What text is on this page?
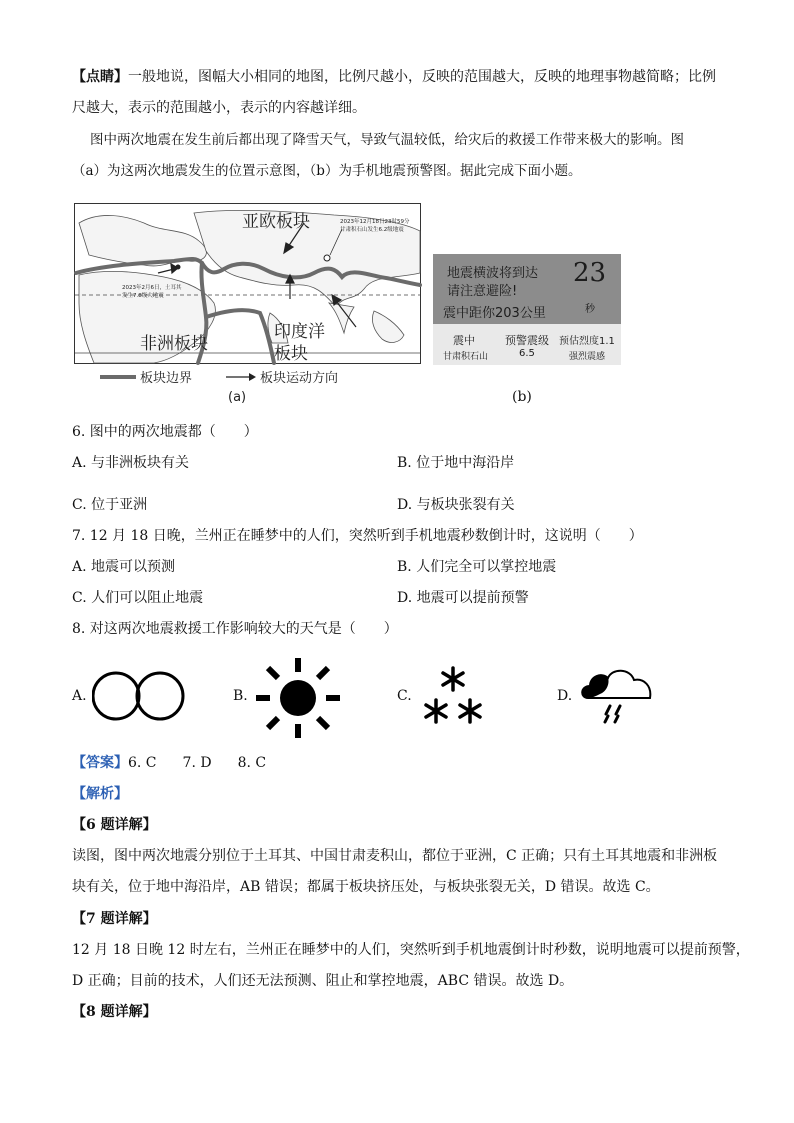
【点睛】一般地说，图幅大小相同的地图，比例尺越小，反映的范围越大，反映的地理事物越简略；比例
尺越大，表示的范围越小，表示的内容越详细。
图中两次地震在发生前后都出现了降雪天气，导致气温较低，给灾后的救援工作带来极大的影响。图
（a）为这两次地震发生的位置示意图，（b）为手机地震预警图。据此完成下面小题。
亚欧板块
非洲板块
印度洋
板块
2023年12月18日23时59分
甘肃积石山发生6.2级地震
2023年2月6日，土耳其
发生7.8级大地震
板块边界	板块运动方向
(a)
地震横波将到达
请注意避险!
震中距你203公里
23
秒
震中	预警震级 预估烈度1.1
甘肃积石山	6.5	强烈震感
(b)
6. 图中的两次地震都（　　）
A. 与非洲板块有关	B. 位于地中海沿岸
C. 位于亚洲	D. 与板块张裂有关
7. 12 月 18 日晚，兰州正在睡梦中的人们，突然听到手机地震秒数倒计时，这说明（　　）
A. 地震可以预测	B. 人们完全可以掌控地震
C. 人们可以阻止地震	D. 地震可以提前预警
8. 对这两次地震救援工作影响较大的天气是（　　）
A.	B.	C.	D.
【答案】6. C 7. D 8. C
【解析】
【6 题详解】
读图，图中两次地震分别位于土耳其、中国甘肃麦积山，都位于亚洲，C 正确；只有土耳其地震和非洲板
块有关，位于地中海沿岸，AB 错误；都属于板块挤压处，与板块张裂无关，D 错误。故选 C。
【7 题详解】
12 月 18 日晚 12 时左右，兰州正在睡梦中的人们，突然听到手机地震倒计时秒数，说明地震可以提前预警，
D 正确；目前的技术，人们还无法预测、阻止和掌控地震，ABC 错误。故选 D。
【8 题详解】
